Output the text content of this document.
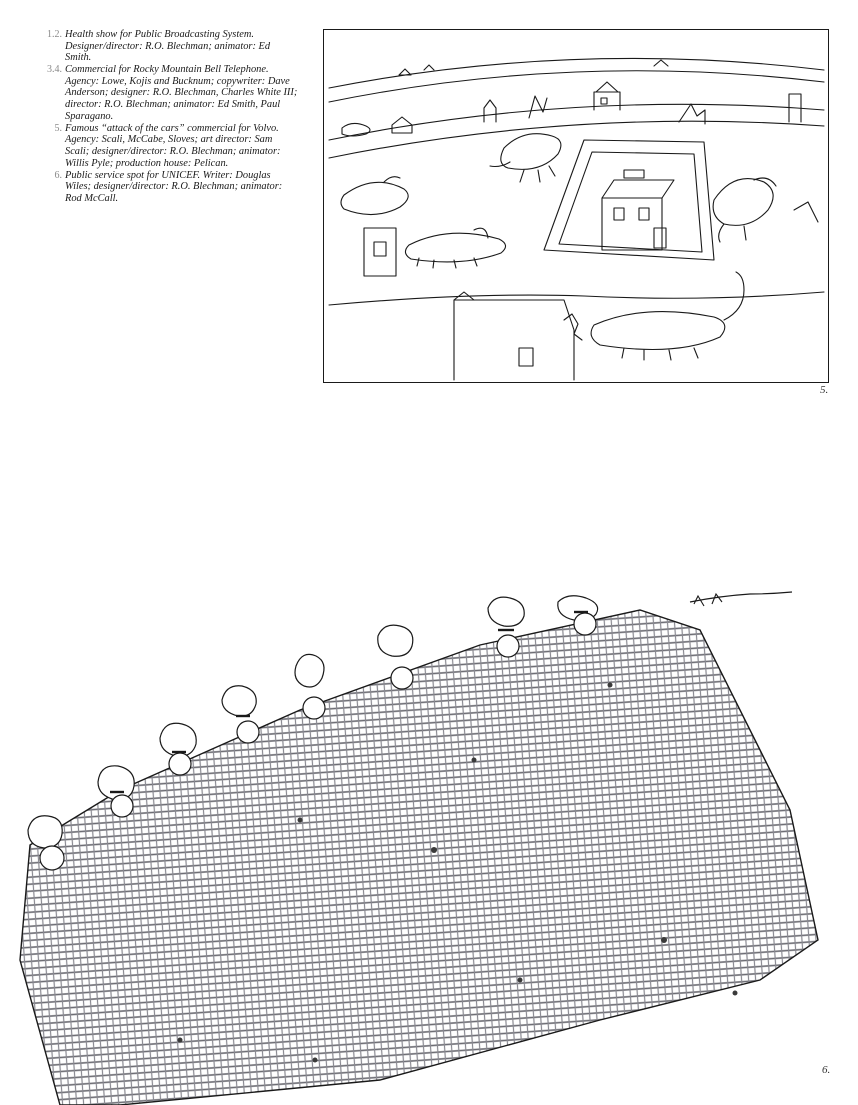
1.2. Health show for Public Broadcasting System. Designer/director: R.O. Blechman; animator: Ed Smith.
3.4. Commercial for Rocky Mountain Bell Telephone. Agency: Lowe, Kojis and Bucknum; copywriter: Dave Anderson; designer: R.O. Blechman, Charles White III; director: R.O. Blechman; animator: Ed Smith, Paul Sparagano.
5. Famous “attack of the cars” commercial for Volvo. Agency: Scali, McCabe, Sloves; art director: Sam Scali; designer/director: R.O. Blechman; animator: Willis Pyle; production house: Pelican.
6. Public service spot for UNICEF. Writer: Douglas Wiles; designer/director: R.O. Blechman; animator: Rod McCall.
5.
6.
